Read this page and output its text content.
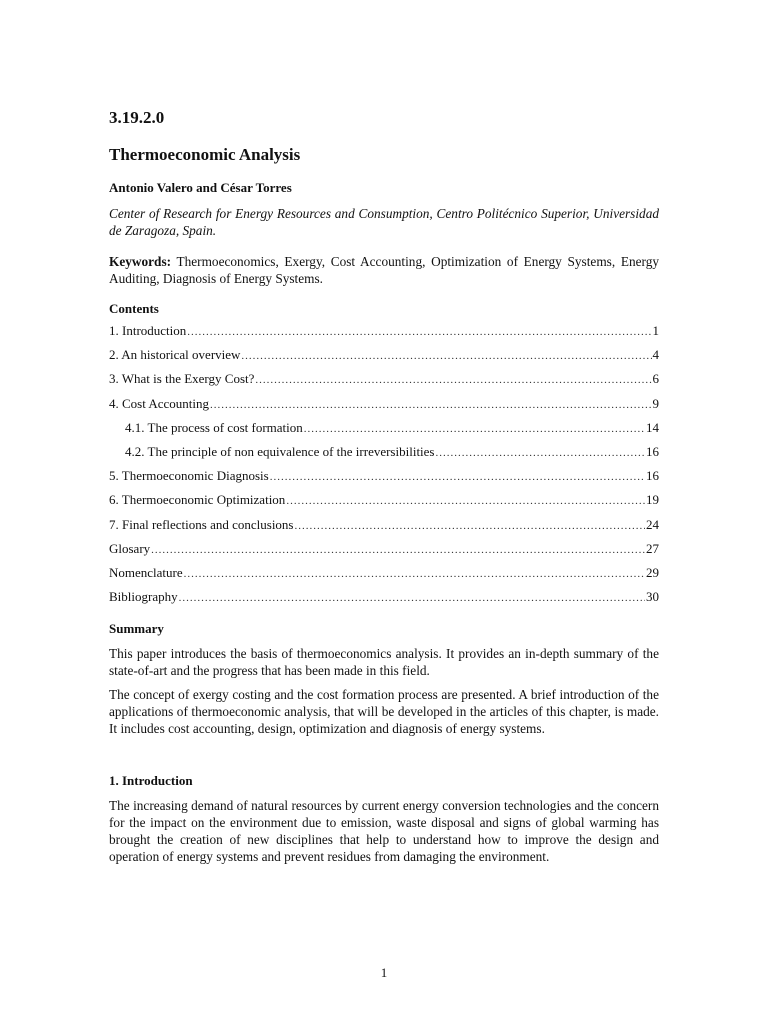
3.19.2.0
Thermoeconomic Analysis
Antonio Valero and César Torres
Center of Research for Energy Resources and Consumption, Centro Politécnico Superior, Universidad de Zaragoza, Spain.
Keywords: Thermoeconomics, Exergy, Cost Accounting, Optimization of Energy Systems, Energy Auditing, Diagnosis of Energy Systems.
Contents
1. Introduction .....	1
2. An historical overview .....	4
3. What is the Exergy Cost? .....	6
4. Cost Accounting .....	9
4.1. The process of cost formation .....	14
4.2. The principle of non equivalence of the irreversibilities .....	16
5. Thermoeconomic Diagnosis .....	16
6. Thermoeconomic Optimization .....	19
7. Final reflections and conclusions .....	24
Glosary .....	27
Nomenclature .....	29
Bibliography .....	30
Summary

This paper introduces the basis of thermoeconomics analysis. It provides an in-depth summary of the state-of-art and the progress that has been made in this field.

The concept of exergy costing and the cost formation process are presented. A brief introduction of the applications of thermoeconomic analysis, that will be developed in the articles of this chapter, is made. It includes cost accounting, design, optimization and diagnosis of energy systems.

1. Introduction

The increasing demand of natural resources by current energy conversion technologies and the concern for the impact on the environment due to emission, waste disposal and signs of global warming has brought the creation of new disciplines that help to understand how to improve the design and operation of energy systems and prevent residues from damaging the environment.

1
